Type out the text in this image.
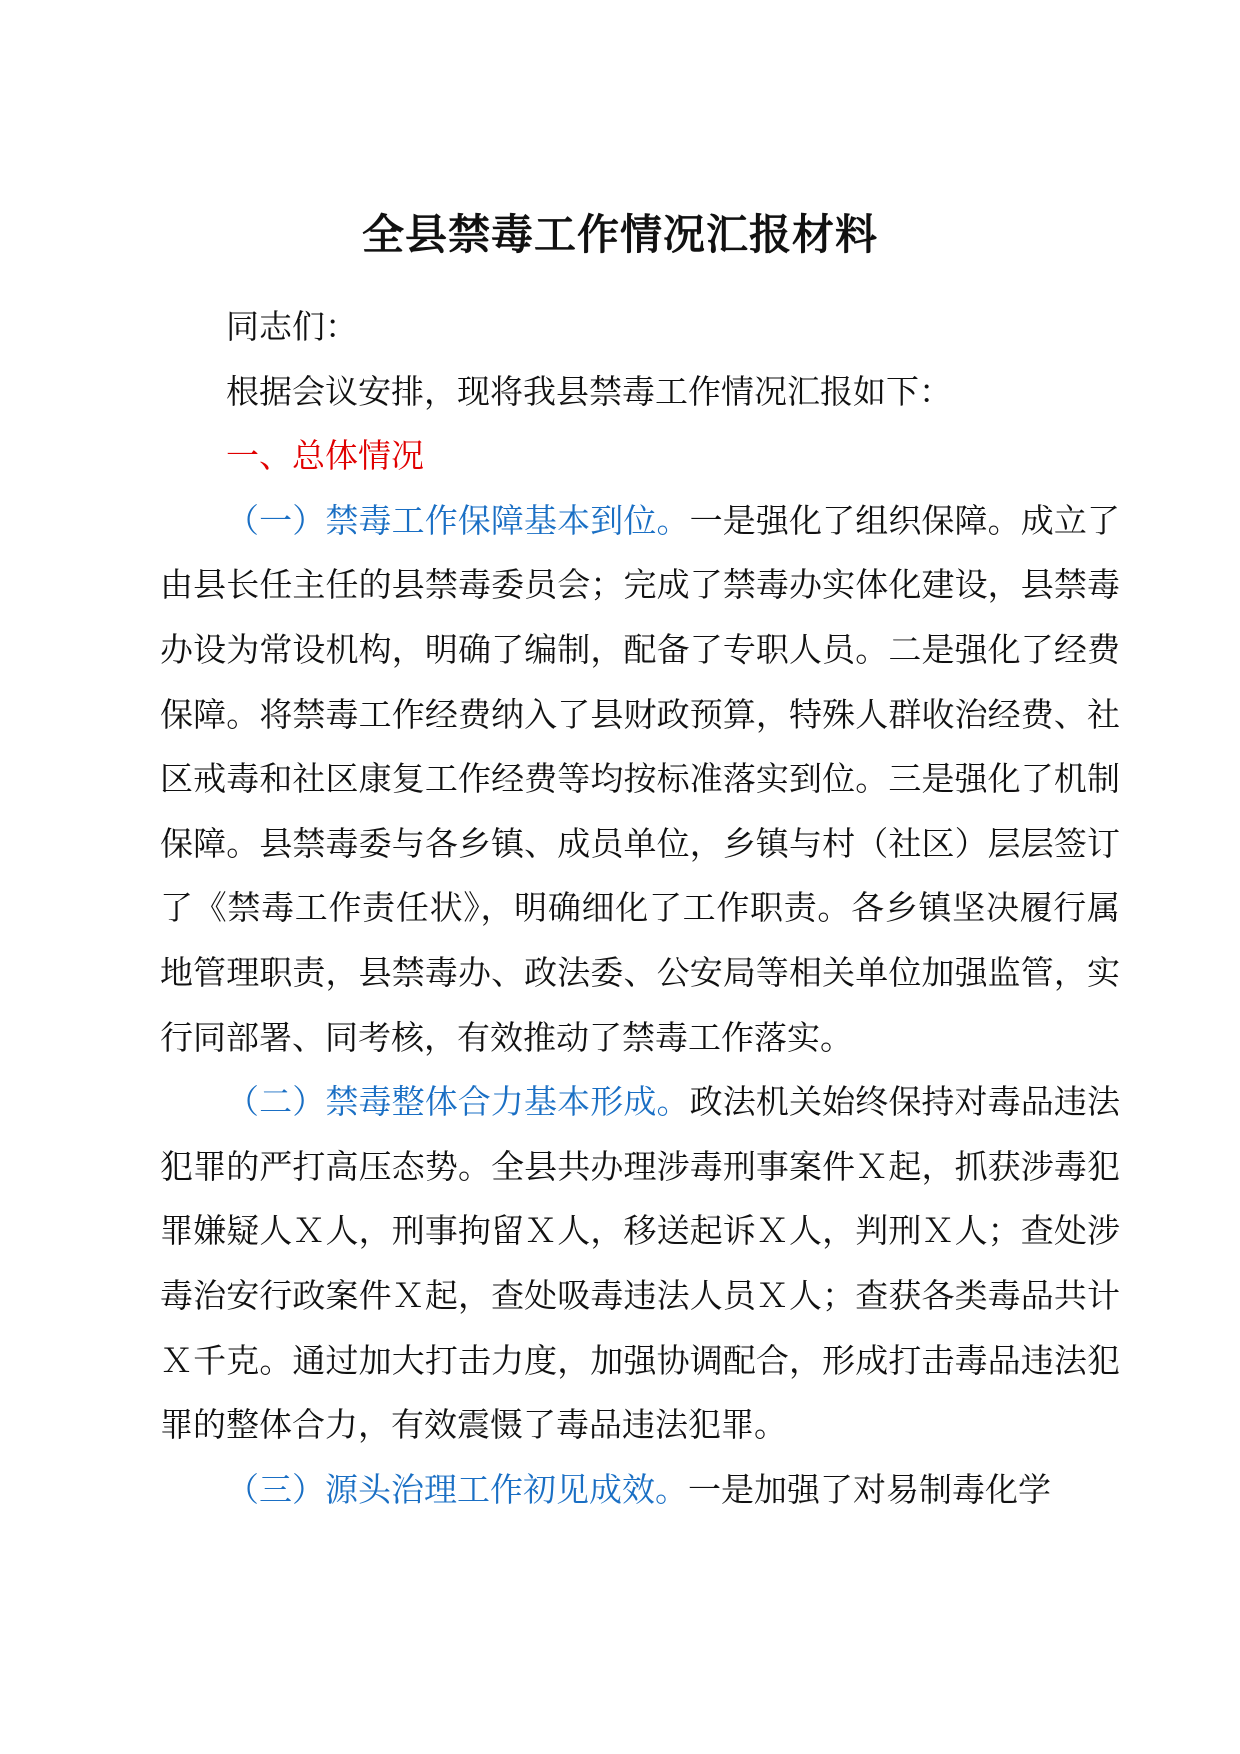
全县禁毒工作情况汇报材料

同志们：

根据会议安排，现将我县禁毒工作情况汇报如下：

一、总体情况

（一）禁毒工作保障基本到位。一是强化了组织保障。成立了由县长任主任的县禁毒委员会；完成了禁毒办实体化建设，县禁毒办设为常设机构，明确了编制，配备了专职人员。二是强化了经费保障。将禁毒工作经费纳入了县财政预算，特殊人群收治经费、社区戒毒和社区康复工作经费等均按标准落实到位。三是强化了机制保障。县禁毒委与各乡镇、成员单位，乡镇与村（社区）层层签订了《禁毒工作责任状》，明确细化了工作职责。各乡镇坚决履行属地管理职责，县禁毒办、政法委、公安局等相关单位加强监管，实行同部署、同考核，有效推动了禁毒工作落实。

（二）禁毒整体合力基本形成。政法机关始终保持对毒品违法犯罪的严打高压态势。全县共办理涉毒刑事案件Ｘ起，抓获涉毒犯罪嫌疑人Ｘ人，刑事拘留Ｘ人，移送起诉Ｘ人，判刑Ｘ人；查处涉毒治安行政案件Ｘ起，查处吸毒违法人员Ｘ人；查获各类毒品共计Ｘ千克。通过加大打击力度，加强协调配合，形成打击毒品违法犯罪的整体合力，有效震慑了毒品违法犯罪。

（三）源头治理工作初见成效。一是加强了对易制毒化学
